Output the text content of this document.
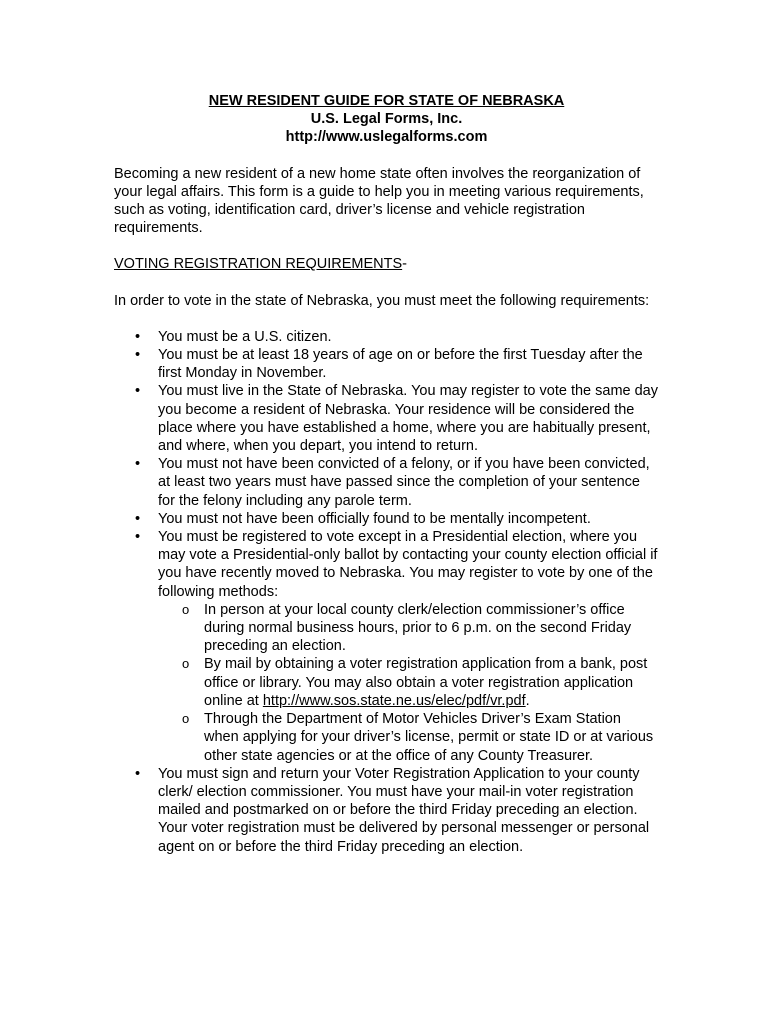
NEW RESIDENT GUIDE FOR STATE OF NEBRASKA
U.S. Legal Forms, Inc.
http://www.uslegalforms.com
Becoming a new resident of a new home state often involves the reorganization of your legal affairs. This form is a guide to help you in meeting various requirements, such as voting, identification card, driver’s license and vehicle registration requirements.
VOTING REGISTRATION REQUIREMENTS-
In order to vote in the state of Nebraska, you must meet the following requirements:
• You must be a U.S. citizen.
• You must be at least 18 years of age on or before the first Tuesday after the first Monday in November.
• You must live in the State of Nebraska. You may register to vote the same day you become a resident of Nebraska. Your residence will be considered the place where you have established a home, where you are habitually present, and where, when you depart, you intend to return.
• You must not have been convicted of a felony, or if you have been convicted, at least two years must have passed since the completion of your sentence for the felony including any parole term.
• You must not have been officially found to be mentally incompetent.
• You must be registered to vote except in a Presidential election, where you may vote a Presidential-only ballot by contacting your county election official if you have recently moved to Nebraska. You may register to vote by one of the following methods:
o In person at your local county clerk/election commissioner’s office during normal business hours, prior to 6 p.m. on the second Friday preceding an election.
o By mail by obtaining a voter registration application from a bank, post office or library. You may also obtain a voter registration application online at http://www.sos.state.ne.us/elec/pdf/vr.pdf.
o Through the Department of Motor Vehicles Driver’s Exam Station when applying for your driver’s license, permit or state ID or at various other state agencies or at the office of any County Treasurer.
• You must sign and return your Voter Registration Application to your county clerk/ election commissioner. You must have your mail-in voter registration mailed and postmarked on or before the third Friday preceding an election. Your voter registration must be delivered by personal messenger or personal agent on or before the third Friday preceding an election.
